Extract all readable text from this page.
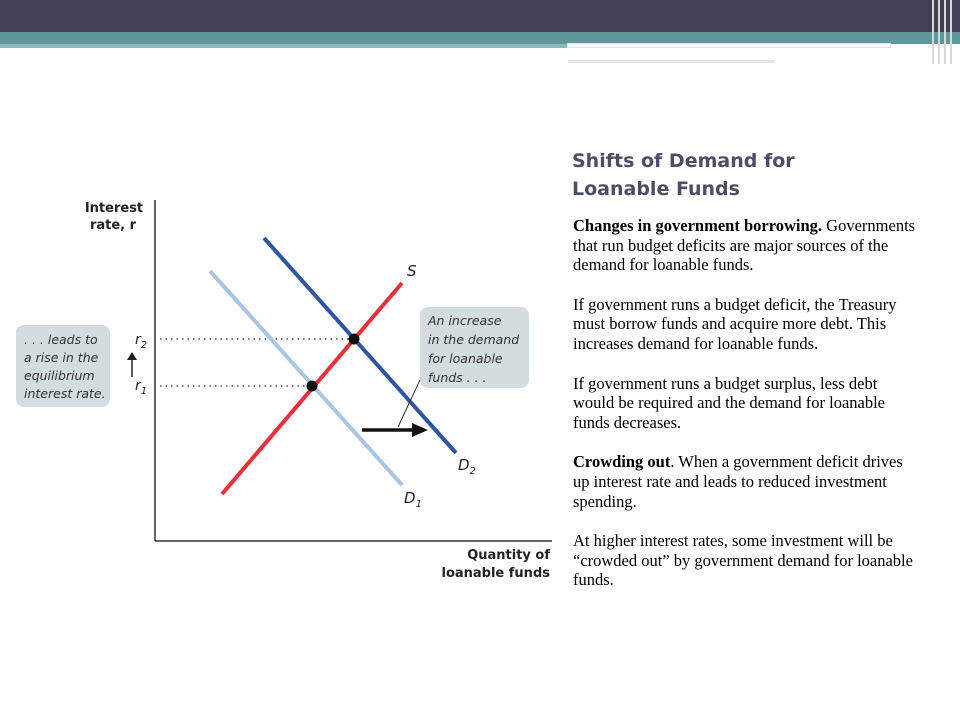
Shifts of Demand for
Loanable Funds

Changes in government borrowing. Governments that run budget deficits are major sources of the demand for loanable funds.

If government runs a budget deficit, the Treasury must borrow funds and acquire more debt. This increases demand for loanable funds.

If government runs a budget surplus, less debt would be required and the demand for loanable funds decreases.

Crowding out. When a government deficit drives up interest rate and leads to reduced investment spending.

At higher interest rates, some investment will be “crowded out” by government demand for loanable funds.

Interest
rate, r
Quantity of
loanable funds
$r_2$
$r_1$
S
$D_1$
$D_2$
An increase in the demand for loanable funds . . .
. . . leads to a rise in the equilibrium interest rate.
